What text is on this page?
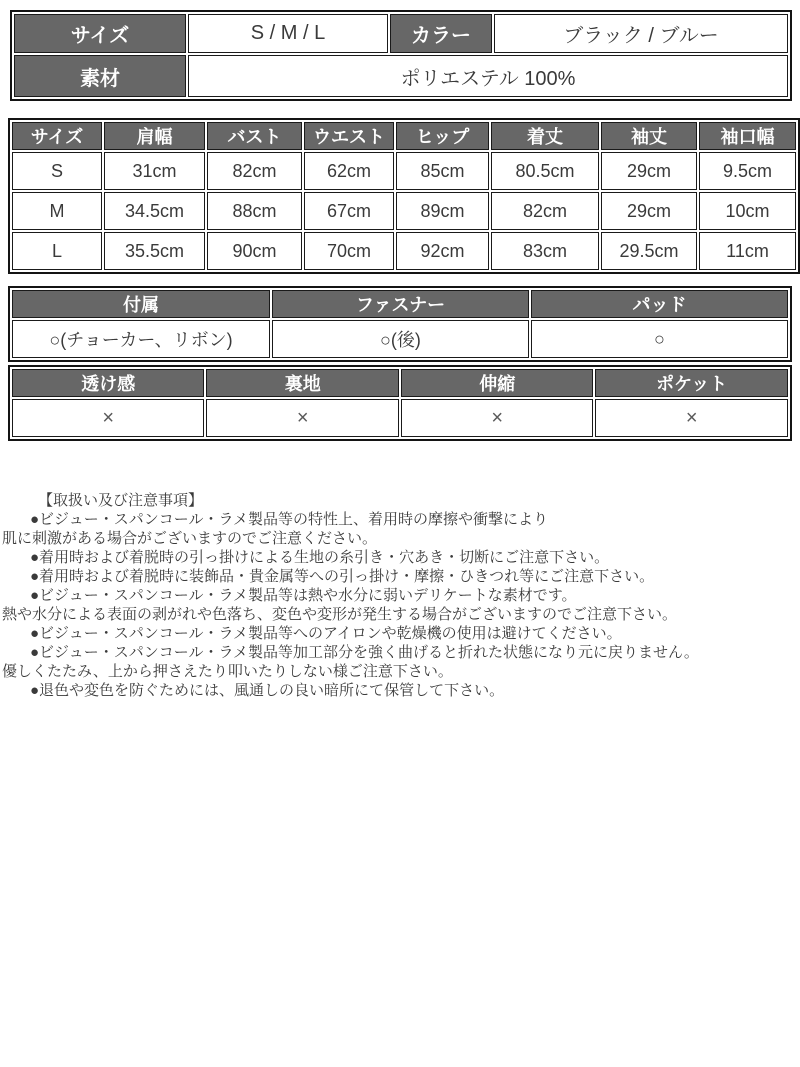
サイズ	S / M / L	カラー	ブラック / ブルー
素材	ポリエステル 100%		
サイズ	肩幅	バスト	ウエスト	ヒップ	着丈	袖丈	袖口幅
S	31cm	82cm	62cm	85cm	80.5cm	29cm	9.5cm
M	34.5cm	88cm	67cm	89cm	82cm	29cm	10cm
L	35.5cm	90cm	70cm	92cm	83cm	29.5cm	11cm
付属	ファスナー	パッド
○(チョーカー、リボン)	○(後)	○
透け感	裏地	伸縮	ポケット
×	×	×	×
【取扱い及び注意事項】
●ビジュー・スパンコール・ラメ製品等の特性上、着用時の摩擦や衝撃により
肌に刺激がある場合がございますのでご注意ください。
●着用時および着脱時の引っ掛けによる生地の糸引き・穴あき・切断にご注意下さい。
●着用時および着脱時に装飾品・貴金属等への引っ掛け・摩擦・ひきつれ等にご注意下さい。
●ビジュー・スパンコール・ラメ製品等は熱や水分に弱いデリケートな素材です。
熱や水分による表面の剥がれや色落ち、変色や変形が発生する場合がございますのでご注意下さい。
●ビジュー・スパンコール・ラメ製品等へのアイロンや乾燥機の使用は避けてください。
●ビジュー・スパンコール・ラメ製品等加工部分を強く曲げると折れた状態になり元に戻りません。
優しくたたみ、上から押さえたり叩いたりしない様ご注意下さい。
●退色や変色を防ぐためには、風通しの良い暗所にて保管して下さい。
